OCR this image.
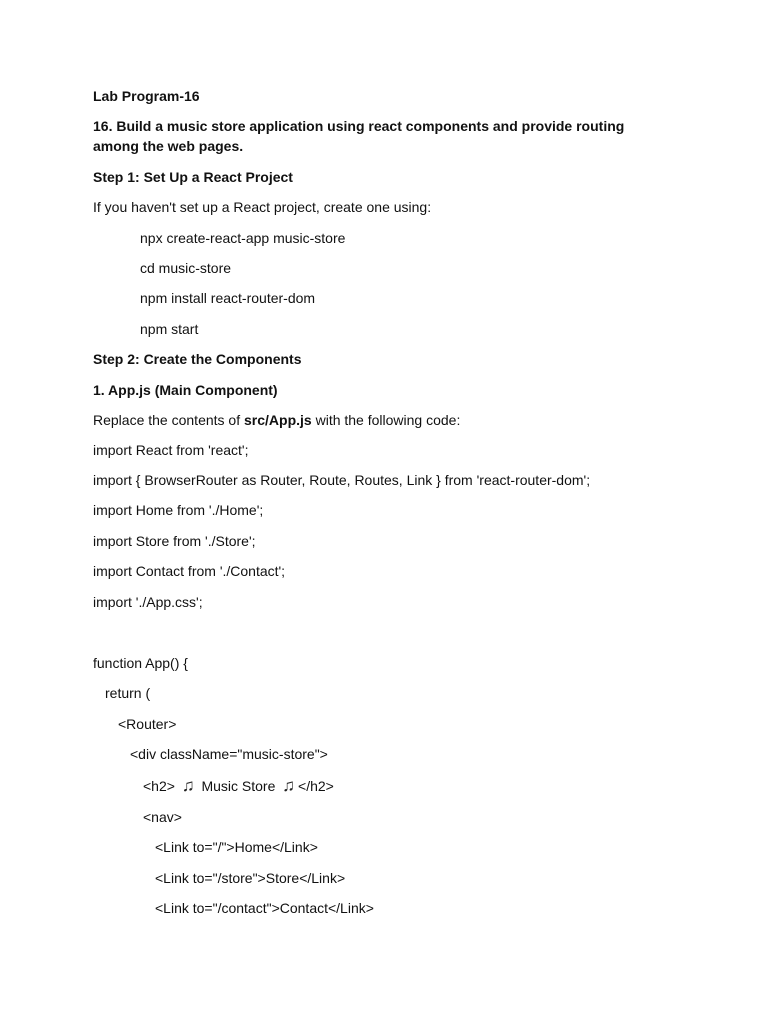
Lab Program-16
16. Build a music store application using react components and provide routing among the web pages.
Step 1: Set Up a React Project
If you haven't set up a React project, create one using:
npx create-react-app music-store
cd music-store
npm install react-router-dom
npm start
Step 2: Create the Components
1. App.js (Main Component)
Replace the contents of src/App.js with the following code:
import React from 'react';
import { BrowserRouter as Router, Route, Routes, Link } from 'react-router-dom';
import Home from './Home';
import Store from './Store';
import Contact from './Contact';
import './App.css';
function App() {
return (
<Router>
<div className="music-store">
<h2> ♫ Music Store ♫ </h2>
<nav>
<Link to="/">Home</Link>
<Link to="/store">Store</Link>
<Link to="/contact">Contact</Link>
